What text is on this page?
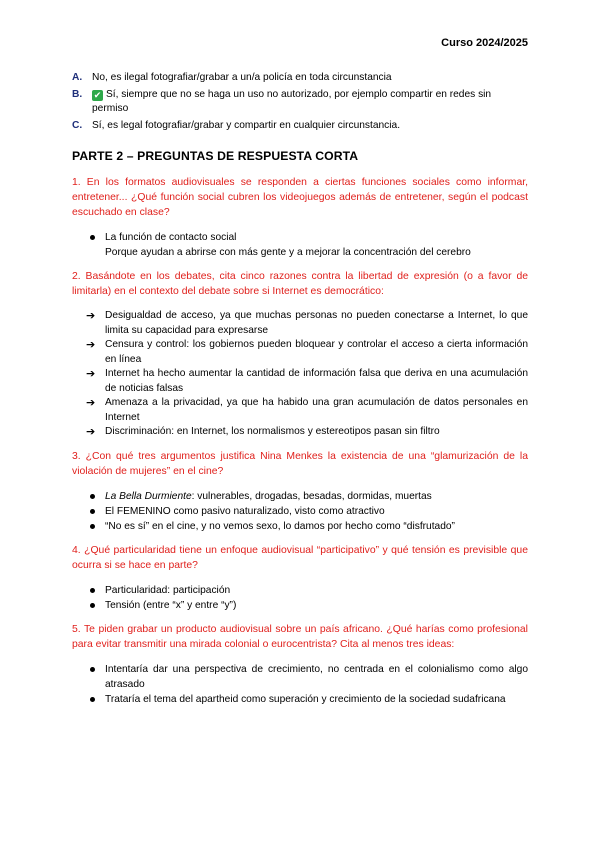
Curso 2024/2025
A. No, es ilegal fotografiar/grabar a un/a policía en toda circunstancia
B. ✔ Sí, siempre que no se haga un uso no autorizado, por ejemplo compartir en redes sin permiso
C. Sí, es legal fotografiar/grabar y compartir en cualquier circunstancia.
PARTE 2 – PREGUNTAS DE RESPUESTA CORTA
1. En los formatos audiovisuales se responden a ciertas funciones sociales como informar, entretener... ¿Qué función social cubren los videojuegos además de entretener, según el podcast escuchado en clase?
La función de contacto social
Porque ayudan a abrirse con más gente y a mejorar la concentración del cerebro
2. Basándote en los debates, cita cinco razones contra la libertad de expresión (o a favor de limitarla) en el contexto del debate sobre si Internet es democrático:
➔ Desigualdad de acceso, ya que muchas personas no pueden conectarse a Internet, lo que limita su capacidad para expresarse
➔ Censura y control: los gobiernos pueden bloquear y controlar el acceso a cierta información en línea
➔ Internet ha hecho aumentar la cantidad de información falsa que deriva en una acumulación de noticias falsas
➔ Amenaza a la privacidad, ya que ha habido una gran acumulación de datos personales en Internet
➔ Discriminación: en Internet, los normalismos y estereotipos pasan sin filtro
3. ¿Con qué tres argumentos justifica Nina Menkes la existencia de una “glamurización de la violación de mujeres” en el cine?
La Bella Durmiente: vulnerables, drogadas, besadas, dormidas, muertas
El FEMENINO como pasivo naturalizado, visto como atractivo
“No es sí” en el cine, y no vemos sexo, lo damos por hecho como “disfrutado”
4. ¿Qué particularidad tiene un enfoque audiovisual “participativo” y qué tensión es previsible que ocurra si se hace en parte?
Particularidad: participación
Tensión (entre “x” y entre “y”)
5. Te piden grabar un producto audiovisual sobre un país africano. ¿Qué harías como profesional para evitar transmitir una mirada colonial o eurocentrista? Cita al menos tres ideas:
Intentaría dar una perspectiva de crecimiento, no centrada en el colonialismo como algo atrasado
Trataría el tema del apartheid como superación y crecimiento de la sociedad sudafricana
